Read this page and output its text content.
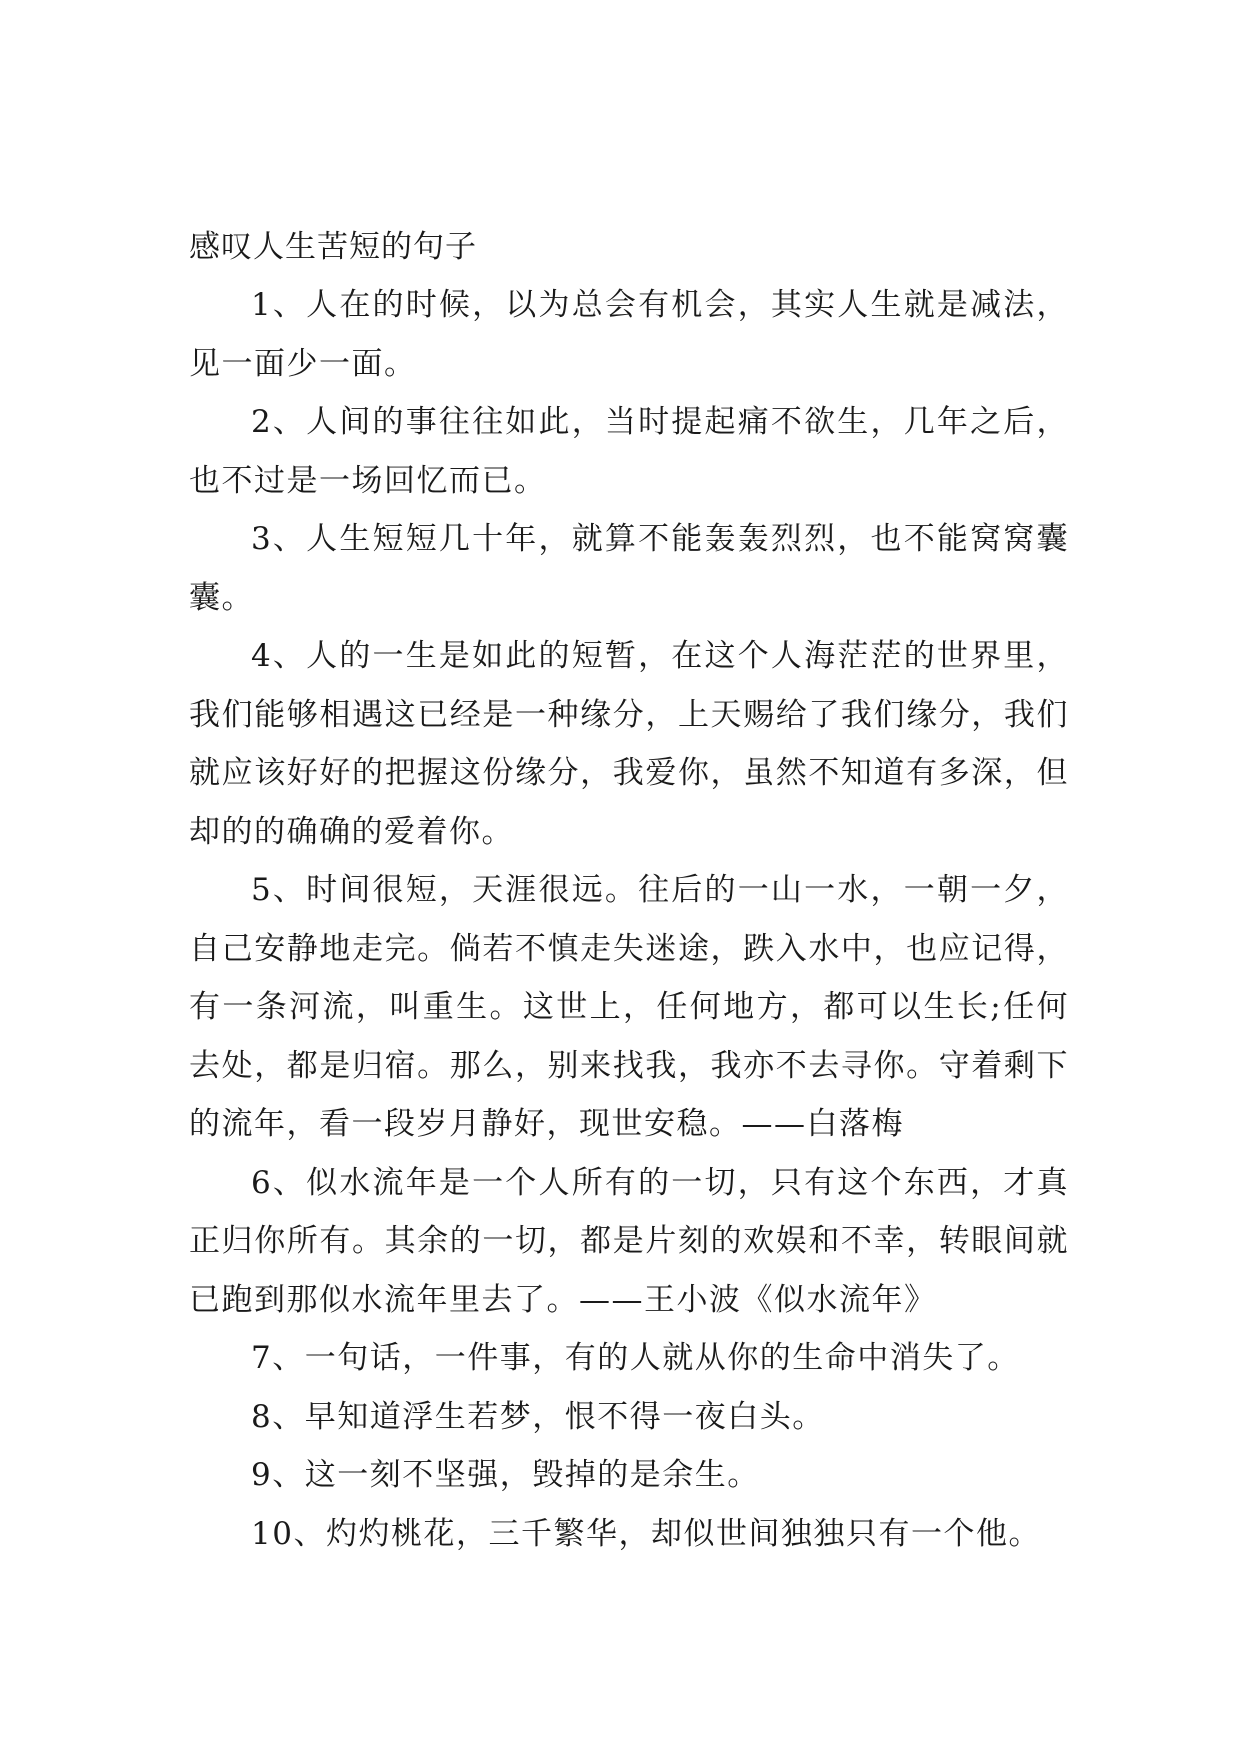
感叹人生苦短的句子

1、人在的时候，以为总会有机会，其实人生就是减法，见一面少一面。

2、人间的事往往如此，当时提起痛不欲生，几年之后，也不过是一场回忆而已。

3、人生短短几十年，就算不能轰轰烈烈，也不能窝窝囊囊。

4、人的一生是如此的短暂，在这个人海茫茫的世界里，我们能够相遇这已经是一种缘分，上天赐给了我们缘分，我们就应该好好的把握这份缘分，我爱你，虽然不知道有多深，但却的的确确的爱着你。

5、时间很短，天涯很远。往后的一山一水，一朝一夕，自己安静地走完。倘若不慎走失迷途，跌入水中，也应记得，有一条河流，叫重生。这世上，任何地方，都可以生长;任何去处，都是归宿。那么，别来找我，我亦不去寻你。守着剩下的流年，看一段岁月静好，现世安稳。——白落梅

6、似水流年是一个人所有的一切，只有这个东西，才真正归你所有。其余的一切，都是片刻的欢娱和不幸，转眼间就已跑到那似水流年里去了。——王小波《似水流年》

7、一句话，一件事，有的人就从你的生命中消失了。

8、早知道浮生若梦，恨不得一夜白头。

9、这一刻不坚强，毁掉的是余生。

10、灼灼桃花，三千繁华，却似世间独独只有一个他。
